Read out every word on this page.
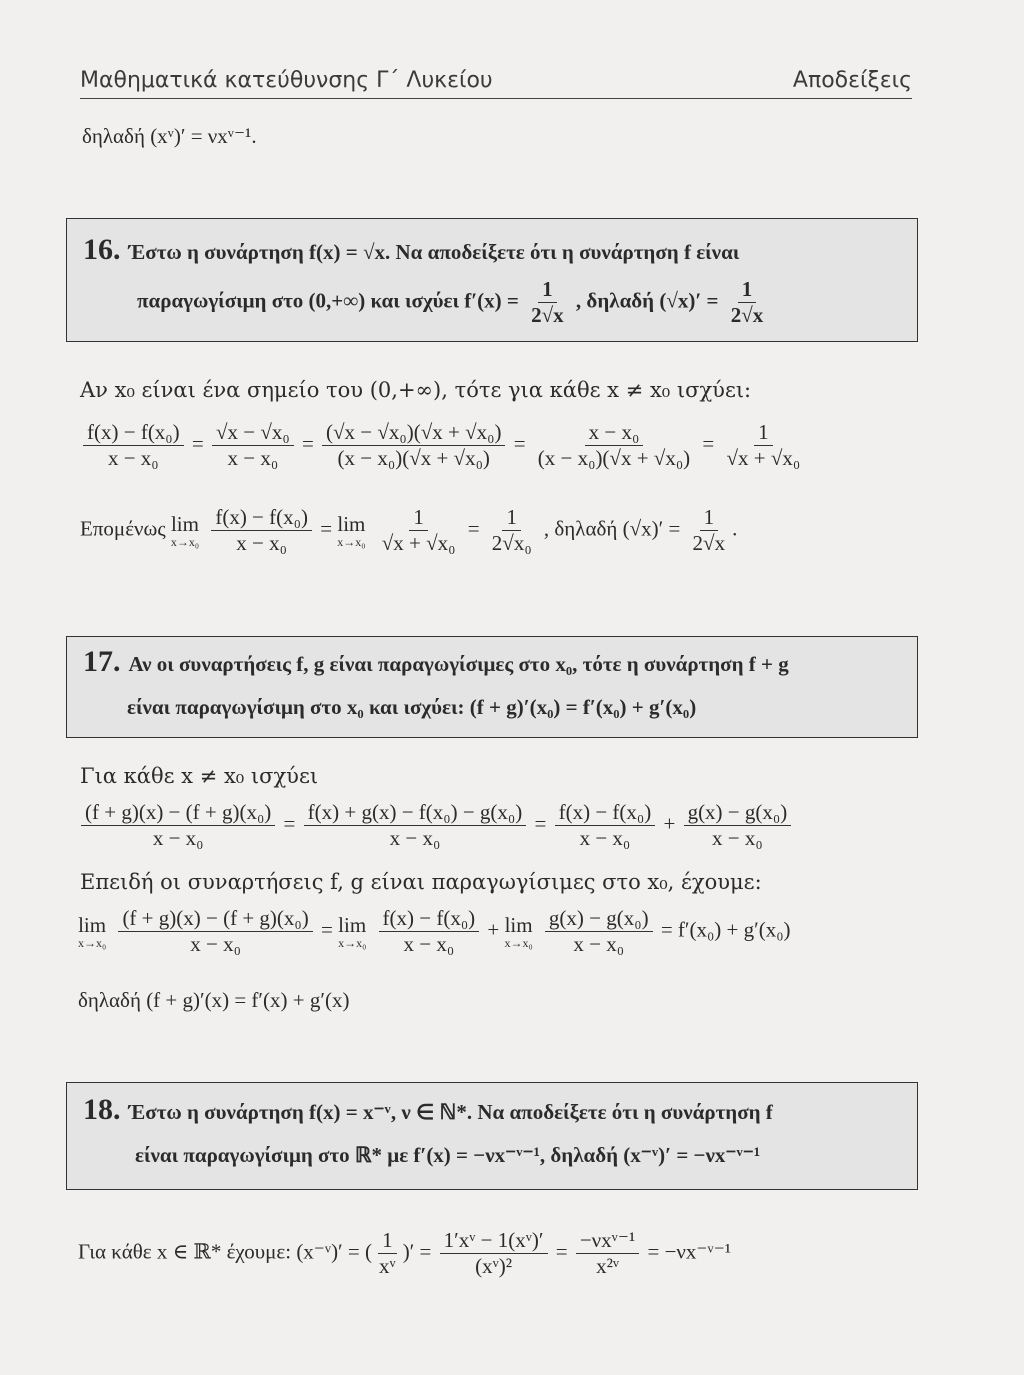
Μαθηματικά κατεύθυνσης Γ΄ Λυκείου	Αποδείξεις
δηλαδή (xᵛ)′ = νxᵛ⁻¹.
16. Έστω η συνάρτηση f(x) = √x. Να αποδείξετε ότι η συνάρτηση f είναι
παραγωγίσιμη στο (0,+∞) και ισχύει $f'(x) = \frac{1}{2√x}$ , δηλαδή $(√x)' = \frac{1}{2√x}$
Αν x₀ είναι ένα σημείο του (0,+∞), τότε για κάθε x ≠ x₀ ισχύει:
$\frac{\text{f(x) − f(x₀)}}{\text{x − x₀}} = \frac{\text{√x − √x₀}}{\text{x − x₀}} = \frac{\text{(√x − √x₀)(√x + √x₀)}}{\text{(x − x₀)(√x + √x₀)}} = \frac{\text{x − x₀}}{\text{(x − x₀)(√x + √x₀)}} = \frac{1}{\text{√x + √x₀}}$
Επομένως lim
x→x₀
$\frac{\text{f(x) − f(x₀)}}{\text{x − x₀}} = \lim$
x→x₀
$\frac{1}{\text{√x + √x₀}} = \frac{1}{\text{2√x₀}}$ , δηλαδή $(√x)' = \frac{1}{2√x}$ .
17. Αν οι συναρτήσεις f, g είναι παραγωγίσιμες στο x₀, τότε η συνάρτηση f + g
είναι παραγωγίσιμη στο x₀ και ισχύει: (f + g)′(x₀) = f′(x₀) + g′(x₀)
Για κάθε x ≠ x₀ ισχύει
$\frac{\text{(f + g)(x) − (f + g)(x₀)}}{\text{x − x₀}} = \frac{\text{f(x) + g(x) − f(x₀) − g(x₀)}}{\text{x − x₀}} = \frac{\text{f(x) − f(x₀)}}{\text{x − x₀}} + \frac{\text{g(x) − g(x₀)}}{\text{x − x₀}}$
Επειδή οι συναρτήσεις f, g είναι παραγωγίσιμες στο x₀, έχουμε:
lim
x→x₀
$\frac{\text{(f + g)(x) − (f + g)(x₀)}}{\text{x − x₀}} = \lim$
x→x₀
$\frac{\text{f(x) − f(x₀)}}{\text{x − x₀}} + \lim$
x→x₀
$\frac{\text{g(x) − g(x₀)}}{\text{x − x₀}} = f'(x_0) + g'(x_0)$
δηλαδή (f + g)′(x) = f′(x) + g′(x)
18. Έστω η συνάρτηση f(x) = x⁻ᵛ, ν ∈ ℕ*. Να αποδείξετε ότι η συνάρτηση f
είναι παραγωγίσιμη στο ℝ* με f′(x) = −νx⁻ᵛ⁻¹, δηλαδή (x⁻ᵛ)′ = −νx⁻ᵛ⁻¹
Για κάθε x ∈ ℝ* έχουμε: (x⁻ᵛ)′ = ( $\frac{1}{\text{xᵛ}}$ )′ = $\frac{\text{1′xᵛ − 1(xᵛ)′}}{\text{(xᵛ)²}} = \frac{\text{−νxᵛ⁻¹}}{\text{x²ᵛ}}$ = −νx⁻ᵛ⁻¹
